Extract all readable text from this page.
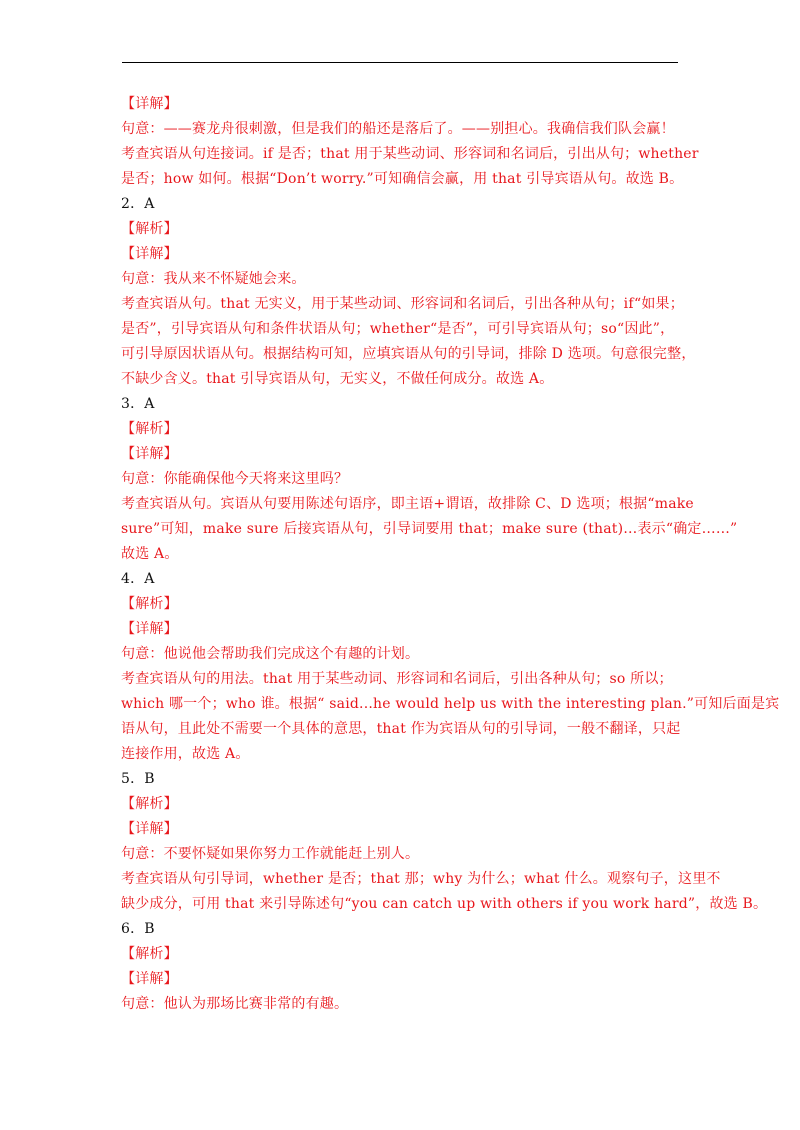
【详解】
句意：——赛龙舟很刺激，但是我们的船还是落后了。——别担心。我确信我们队会赢！
考查宾语从句连接词。if 是否；that 用于某些动词、形容词和名词后，引出从句；whether
是否；how 如何。根据“Don’t worry.”可知确信会赢，用 that 引导宾语从句。故选 B。
2．A
【解析】
【详解】
句意：我从来不怀疑她会来。
考查宾语从句。that 无实义，用于某些动词、形容词和名词后，引出各种从句；if“如果；
是否”，引导宾语从句和条件状语从句；whether“是否”，可引导宾语从句；so“因此”，
可引导原因状语从句。根据结构可知，应填宾语从句的引导词，排除 D 选项。句意很完整，
不缺少含义。that 引导宾语从句，无实义，不做任何成分。故选 A。
3．A
【解析】
【详解】
句意：你能确保他今天将来这里吗？
考查宾语从句。宾语从句要用陈述句语序，即主语+谓语，故排除 C、D 选项；根据“make
sure”可知，make sure 后接宾语从句，引导词要用 that；make sure (that)…表示“确定……”
故选 A。
4．A
【解析】
【详解】
句意：他说他会帮助我们完成这个有趣的计划。
考查宾语从句的用法。that 用于某些动词、形容词和名词后，引出各种从句；so 所以；
which 哪一个；who 谁。根据“ said...he would help us with the interesting plan.”可知后面是宾
语从句，且此处不需要一个具体的意思，that 作为宾语从句的引导词，一般不翻译，只起
连接作用，故选 A。
5．B
【解析】
【详解】
句意：不要怀疑如果你努力工作就能赶上别人。
考查宾语从句引导词，whether 是否；that 那；why 为什么；what 什么。观察句子，这里不
缺少成分，可用 that 来引导陈述句“you can catch up with others if you work hard”，故选 B。
6．B
【解析】
【详解】
句意：他认为那场比赛非常的有趣。
